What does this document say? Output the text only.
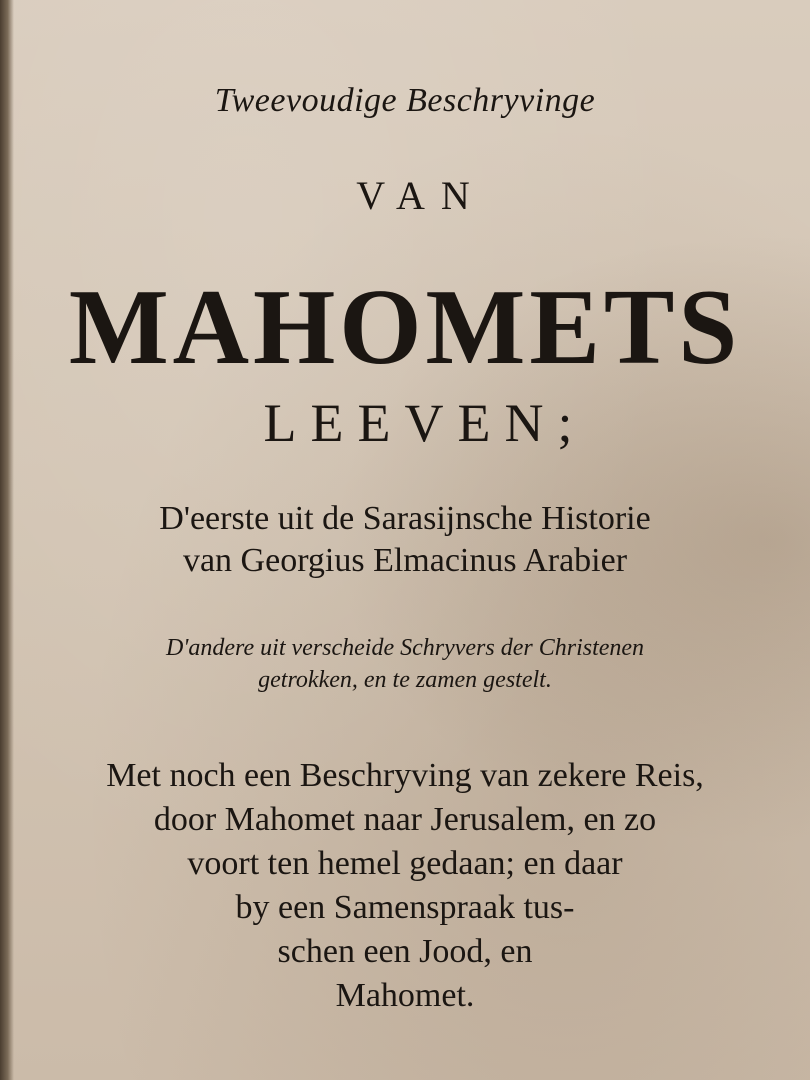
Tweevoudige Beschryvinge
VAN
MAHOMETS
LEEVEN;
D'eerste uit de Sarasijnsche Historie
van Georgius Elmacinus Arabier
D'andere uit verscheide Schryvers der Christenen
getrokken, en te zamen gestelt.
Met noch een Beschryving van zekere Reis,
door Mahomet naar Jerusalem, en zo
voort ten hemel gedaan; en daar
by een Samenspraak tus-
schen een Jood, en
Mahomet.
